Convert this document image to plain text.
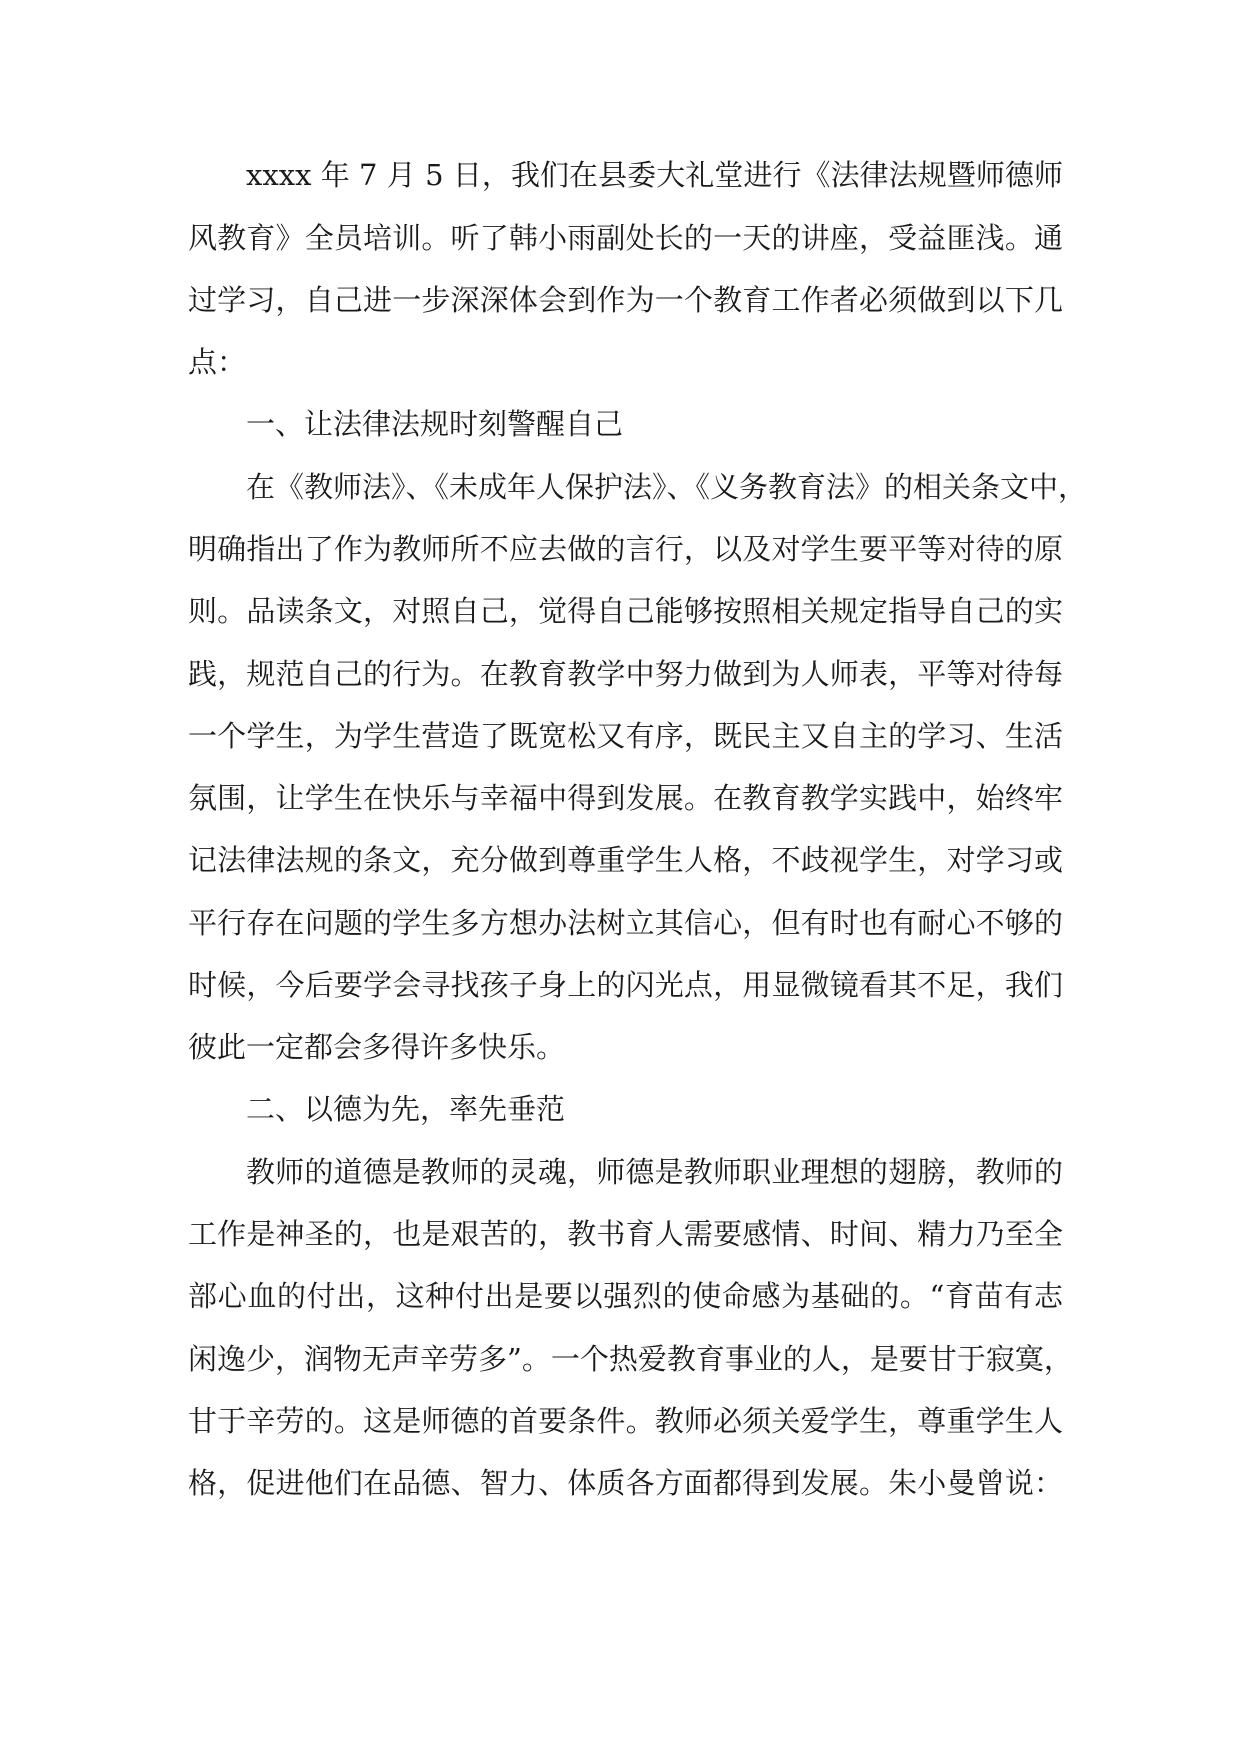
xxxx 年 7 月 5 日，我们在县委大礼堂进行《法律法规暨师德师
风教育》全员培训。听了韩小雨副处长的一天的讲座，受益匪浅。通
过学习，自己进一步深深体会到作为一个教育工作者必须做到以下几
点：
一、让法律法规时刻警醒自己
在《教师法》、《未成年人保护法》、《义务教育法》的相关条文中，
明确指出了作为教师所不应去做的言行，以及对学生要平等对待的原
则。品读条文，对照自己，觉得自己能够按照相关规定指导自己的实
践，规范自己的行为。在教育教学中努力做到为人师表，平等对待每
一个学生，为学生营造了既宽松又有序，既民主又自主的学习、生活
氛围，让学生在快乐与幸福中得到发展。在教育教学实践中，始终牢
记法律法规的条文，充分做到尊重学生人格，不歧视学生，对学习或
平行存在问题的学生多方想办法树立其信心，但有时也有耐心不够的
时候，今后要学会寻找孩子身上的闪光点，用显微镜看其不足，我们
彼此一定都会多得许多快乐。
二、以德为先，率先垂范
教师的道德是教师的灵魂，师德是教师职业理想的翅膀，教师的
工作是神圣的，也是艰苦的，教书育人需要感情、时间、精力乃至全
部心血的付出，这种付出是要以强烈的使命感为基础的。“育苗有志
闲逸少，润物无声辛劳多”。一个热爱教育事业的人，是要甘于寂寞，
甘于辛劳的。这是师德的首要条件。教师必须关爱学生，尊重学生人
格，促进他们在品德、智力、体质各方面都得到发展。朱小曼曾说：
